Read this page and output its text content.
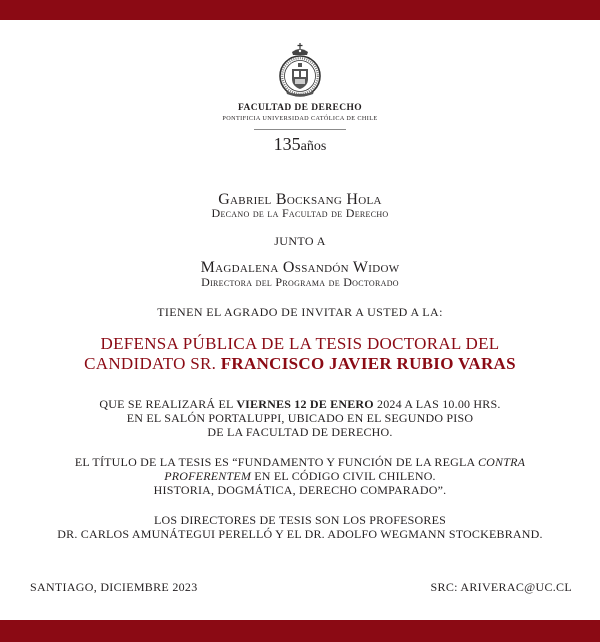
FACULTAD DE DERECHO
PONTIFICIA UNIVERSIDAD CATÓLICA DE CHILE
135años
Gabriel Bocksang Hola
Decano de la Facultad de Derecho
JUNTO A
Magdalena Ossandón Widow
Directora del Programa de Doctorado
TIENEN EL AGRADO DE INVITAR A USTED A LA:
DEFENSA PÚBLICA DE LA TESIS DOCTORAL DEL
CANDIDATO SR. FRANCISCO JAVIER RUBIO VARAS
QUE SE REALIZARÁ EL VIERNES 12 DE ENERO 2024 A LAS 10.00 HRS.
EN EL SALÓN PORTALUPPI, UBICADO EN EL SEGUNDO PISO
DE LA FACULTAD DE DERECHO.
EL TÍTULO DE LA TESIS ES “FUNDAMENTO Y FUNCIÓN DE LA REGLA CONTRA
PROFERENTEM EN EL CÓDIGO CIVIL CHILENO.
HISTORIA, DOGMÁTICA, DERECHO COMPARADO”.
LOS DIRECTORES DE TESIS SON LOS PROFESORES
DR. CARLOS AMUNÁTEGUI PERELLÓ Y EL DR. ADOLFO WEGMANN STOCKEBRAND.
SANTIAGO, DICIEMBRE 2023	SRC: ARIVERAC@UC.CL
